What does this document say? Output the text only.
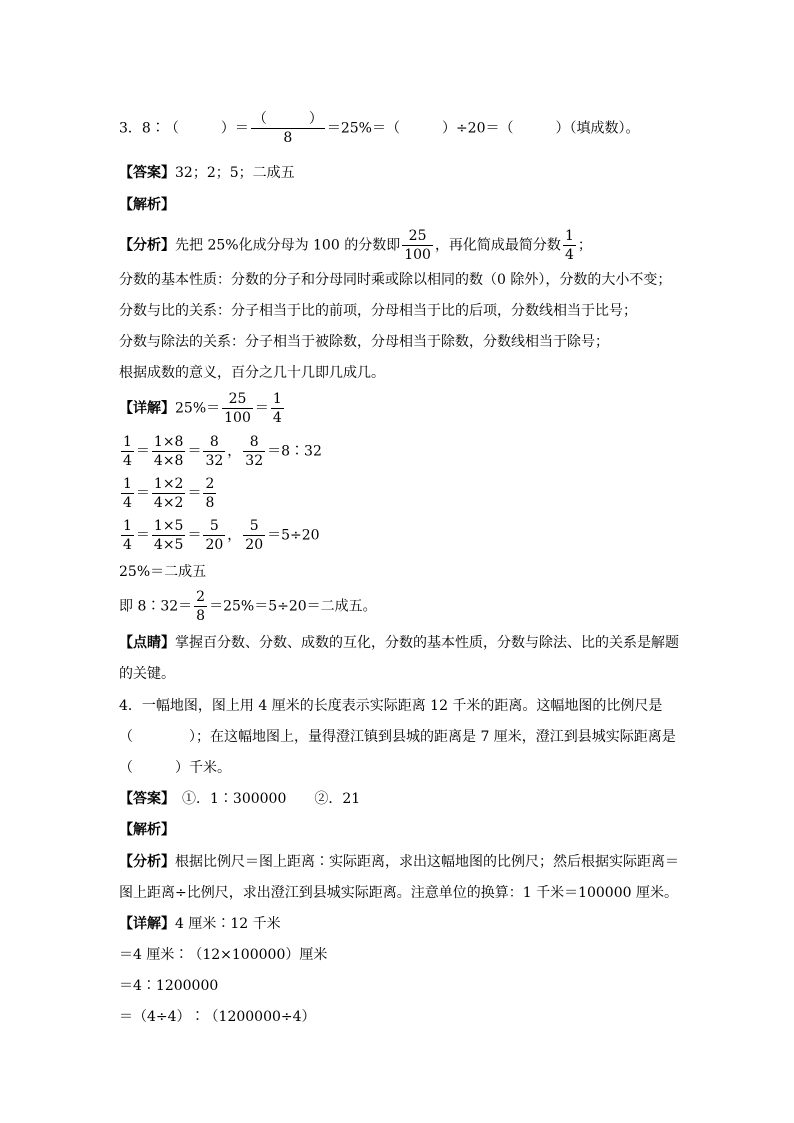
3．8∶（　　　）＝ $\frac{( )}{8} =25\%=$（　　　）÷20＝（　　　）（填成数）。
【答案】32；2；5；二成五
【解析】
【分析】先把 25%化成分母为 100 的分数即 $\frac{25}{100}$ ，再化简成最简分数 $\frac{1}{4}$ ；
分数的基本性质：分数的分子和分母同时乘或除以相同的数（0 除外），分数的大小不变；
分数与比的关系：分子相当于比的前项，分母相当于比的后项，分数线相当于比号；
分数与除法的关系：分子相当于被除数，分母相当于除数，分数线相当于除号；
根据成数的意义，百分之几十几即几成几。
【详解】$25\%= \frac{25}{100} = \frac{1}{4}$
$\frac{1}{4} = \frac{1\times 8}{4\times 8} = \frac{8}{32}$ ， $\frac{8}{32}$ ＝8∶32
$\frac{1}{4} = \frac{1\times 2}{4\times 2} = \frac{2}{8}$
$\frac{1}{4} = \frac{1\times 5}{4\times 5} = \frac{5}{20}$ ， $\frac{5}{20} =5\div 20$
25%＝二成五
即 8∶32＝ $\frac{2}{8} =25\%=5\div 20=$二成五。
【点睛】掌握百分数、分数、成数的互化，分数的基本性质，分数与除法、比的关系是解题
的关键。
4．一幅地图，图上用 4 厘米的长度表示实际距离 12 千米的距离。这幅地图的比例尺是
（　　　　）；在这幅地图上，量得澄江镇到县城的距离是 7 厘米，澄江到县城实际距离是
（　　　）千米。
【答案】　①．1∶300000　　②．21
【解析】
【分析】根据比例尺＝图上距离∶实际距离，求出这幅地图的比例尺；然后根据实际距离＝
图上距离÷比例尺，求出澄江到县城实际距离。注意单位的换算：1 千米＝100000 厘米。
【详解】4 厘米∶12 千米
＝4 厘米∶（12×100000）厘米
＝4∶1200000
＝（4÷4）∶（1200000÷4）
